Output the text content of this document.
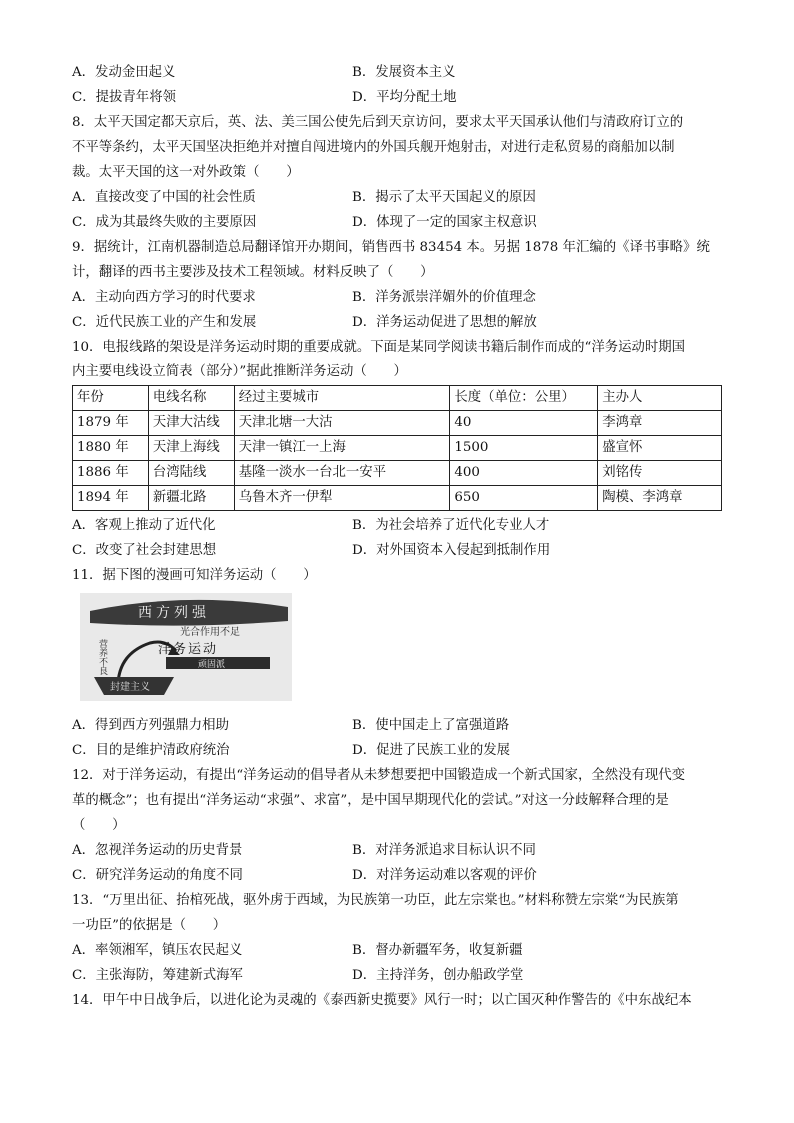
A．发动金田起义	B．发展资本主义
C．提拔青年将领	D．平均分配土地
8．太平天国定都天京后，英、法、美三国公使先后到天京访问，要求太平天国承认他们与清政府订立的
不平等条约，太平天国坚决拒绝并对擅自闯进境内的外国兵舰开炮射击，对进行走私贸易的商船加以制
裁。太平天国的这一对外政策（　　）
A．直接改变了中国的社会性质	B．揭示了太平天国起义的原因
C．成为其最终失败的主要原因	D．体现了一定的国家主权意识
9．据统计，江南机器制造总局翻译馆开办期间，销售西书 83454 本。另据 1878 年汇编的《译书事略》统
计，翻译的西书主要涉及技术工程领域。材料反映了（　　）
A．主动向西方学习的时代要求	B．洋务派崇洋媚外的价值理念
C．近代民族工业的产生和发展	D．洋务运动促进了思想的解放
10．电报线路的架设是洋务运动时期的重要成就。下面是某同学阅读书籍后制作而成的“洋务运动时期国
内主要电线设立简表（部分）”据此推断洋务运动（　　）
年份	电线名称	经过主要城市	长度（单位：公里）	主办人
1879 年	天津大沽线	天津北塘一大沽	40	李鸿章
1880 年	天津上海线	天津一镇江一上海	1500	盛宣怀
1886 年	台湾陆线	基隆一淡水一台北一安平	400	刘铭传
1894 年	新疆北路	乌鲁木齐一伊犁	650	陶模、李鸿章
A．客观上推动了近代化	B．为社会培养了近代化专业人才
C．改变了社会封建思想	D．对外国资本入侵起到抵制作用
11．据下图的漫画可知洋务运动（　　）
西方列强
光合作用不足
洋务运动
营养不良	顽固派
封建主义
A．得到西方列强鼎力相助	B．使中国走上了富强道路
C．目的是维护清政府统治	D．促进了民族工业的发展
12．对于洋务运动，有提出“洋务运动的倡导者从未梦想要把中国锻造成一个新式国家，全然没有现代变
革的概念”；也有提出“洋务运动“求强”、求富”，是中国早期现代化的尝试。”对这一分歧解释合理的是
（　　）
A．忽视洋务运动的历史背景	B．对洋务派追求目标认识不同
C．研究洋务运动的角度不同	D．对洋务运动难以客观的评价
13．“万里出征、抬棺死战，驱外虏于西域，为民族第一功臣，此左宗棠也。”材料称赞左宗棠“为民族第
一功臣”的依据是（　　）
A．率领湘军，镇压农民起义	B．督办新疆军务，收复新疆
C．主张海防，筹建新式海军	D．主持洋务，创办船政学堂
14．甲午中日战争后，以进化论为灵魂的《泰西新史揽要》风行一时；以亡国灭种作警告的《中东战纪本
